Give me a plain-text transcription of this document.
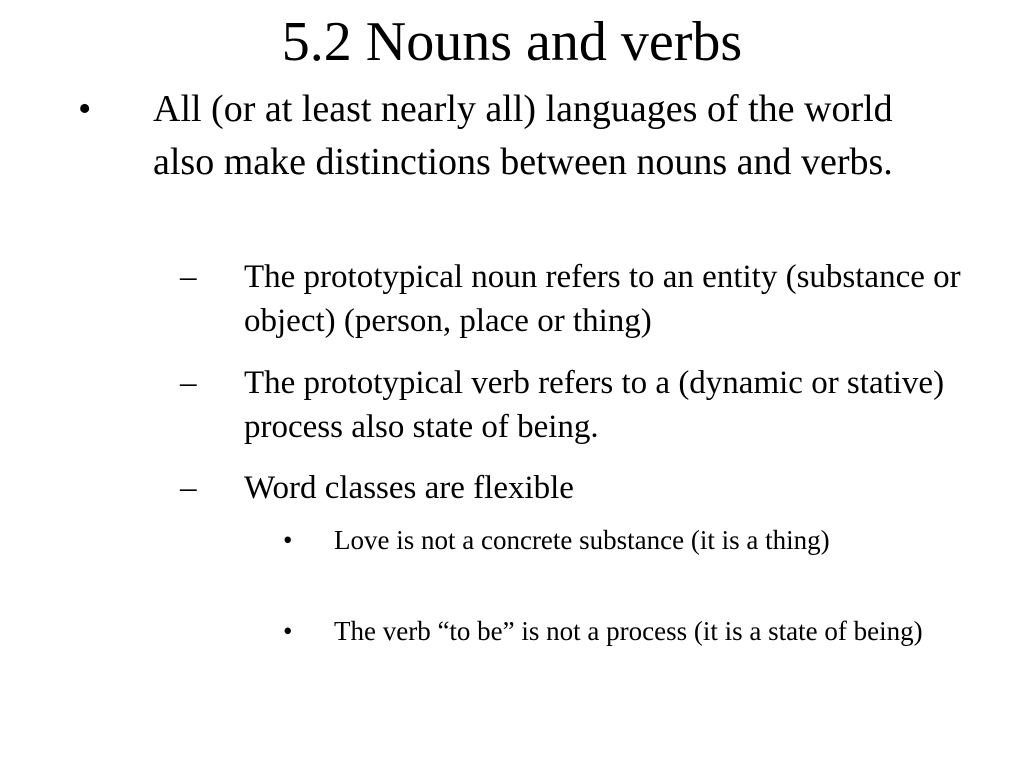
5.2 Nouns and verbs
• All (or at least nearly all) languages of the world also make distinctions between nouns and verbs.
– The prototypical noun refers to an entity (substance or object) (person, place or thing)
– The prototypical verb refers to a (dynamic or stative) process also state of being.
– Word classes are flexible
• Love is not a concrete substance (it is a thing)
• The verb “to be” is not a process (it is a state of being)
